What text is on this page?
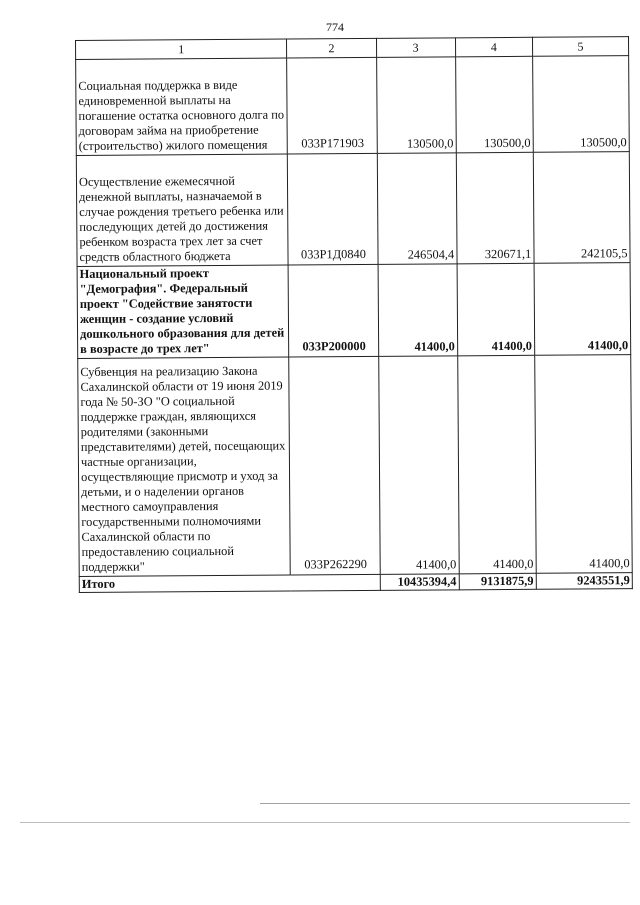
774
1	2	3	4	5
Социальная поддержка в виде единовременной выплаты на погашение остатка основного долга по договорам займа на приобретение (строительство) жилого помещения	033Р171903	130500,0	130500,0	130500,0
Осуществление ежемесячной денежной выплаты, назначаемой в случае рождения третьего ребенка или последующих детей до достижения ребенком возраста трех лет за счет средств областного бюджета	033Р1Д0840	246504,4	320671,1	242105,5
Национальный проект "Демография". Федеральный проект "Содействие занятости женщин - создание условий дошкольного образования для детей в возрасте до трех лет"	033Р200000	41400,0	41400,0	41400,0
Субвенция на реализацию Закона Сахалинской области от 19 июня 2019 года № 50-ЗО "О социальной поддержке граждан, являющихся родителями (законными представителями) детей, посещающих частные организации, осуществляющие присмотр и уход за детьми, и о наделении органов местного самоуправления государственными полномочиями Сахалинской области по предоставлению социальной поддержки"	033Р262290	41400,0	41400,0	41400,0
Итого		10435394,4	9131875,9	9243551,9
